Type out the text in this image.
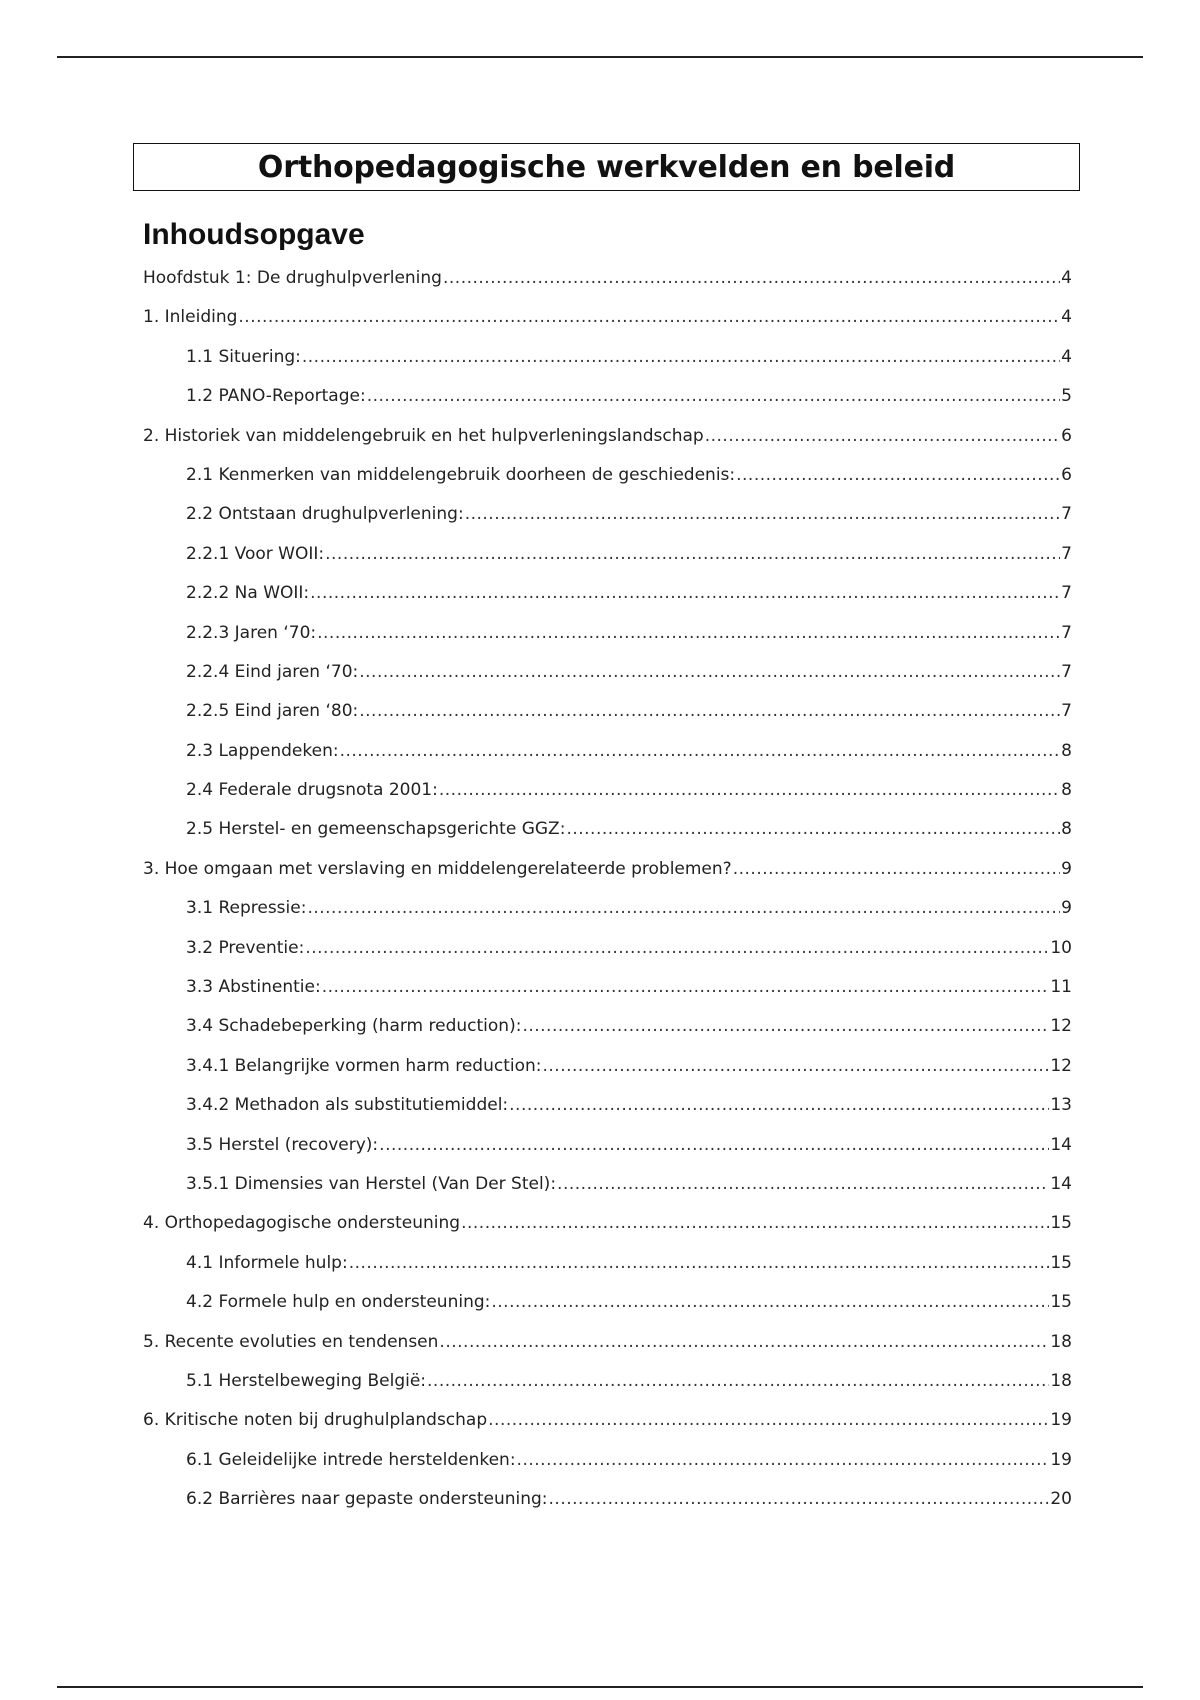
Orthopedagogische werkvelden en beleid
Inhoudsopgave
Hoofdstuk 1: De drughulpverlening .....	4
1. Inleiding .....	4
1.1 Situering: .....	4
1.2 PANO-Reportage: .....	5
2. Historiek van middelengebruik en het hulpverleningslandschap .....	6
2.1 Kenmerken van middelengebruik doorheen de geschiedenis: .....	6
2.2 Ontstaan drughulpverlening: .....	7
2.2.1 Voor WOII: .....	7
2.2.2 Na WOII: .....	7
2.2.3 Jaren ‘70: .....	7
2.2.4 Eind jaren ‘70: .....	7
2.2.5 Eind jaren ‘80: .....	7
2.3 Lappendeken: .....	8
2.4 Federale drugsnota 2001: .....	8
2.5 Herstel- en gemeenschapsgerichte GGZ: .....	8
3. Hoe omgaan met verslaving en middelengerelateerde problemen? .....	9
3.1 Repressie: .....	9
3.2 Preventie: .....	10
3.3 Abstinentie: .....	11
3.4 Schadebeperking (harm reduction): .....	12
3.4.1 Belangrijke vormen harm reduction: .....	12
3.4.2 Methadon als substitutiemiddel: .....	13
3.5 Herstel (recovery): .....	14
3.5.1 Dimensies van Herstel (Van Der Stel): .....	14
4. Orthopedagogische ondersteuning .....	15
4.1 Informele hulp: .....	15
4.2 Formele hulp en ondersteuning: .....	15
5. Recente evoluties en tendensen .....	18
5.1 Herstelbeweging België: .....	18
6. Kritische noten bij drughulplandschap .....	19
6.1 Geleidelijke intrede hersteldenken: .....	19
6.2 Barrières naar gepaste ondersteuning: .....	20
